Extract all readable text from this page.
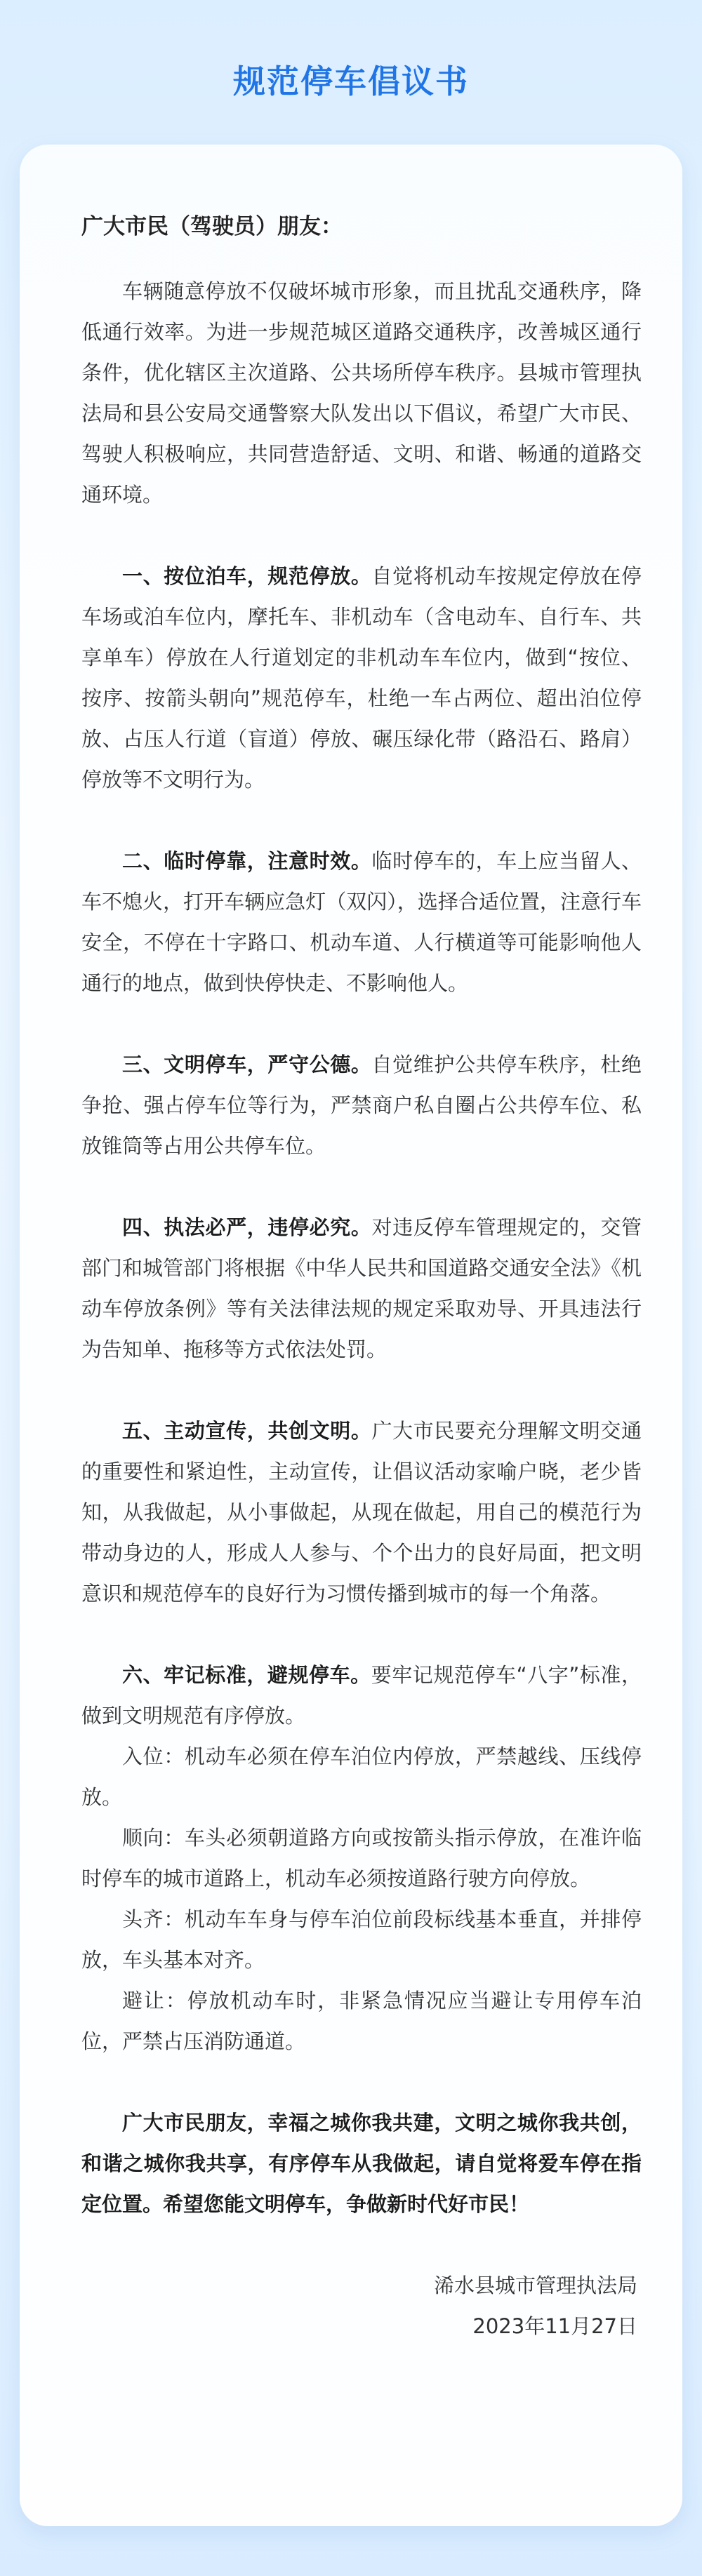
规范停车倡议书
广大市民（驾驶员）朋友：

车辆随意停放不仅破坏城市形象，而且扰乱交通秩序，降低通行效率。为进一步规范城区道路交通秩序，改善城区通行条件，优化辖区主次道路、公共场所停车秩序。县城市管理执法局和县公安局交通警察大队发出以下倡议，希望广大市民、驾驶人积极响应，共同营造舒适、文明、和谐、畅通的道路交通环境。

一、按位泊车，规范停放。自觉将机动车按规定停放在停车场或泊车位内，摩托车、非机动车（含电动车、自行车、共享单车）停放在人行道划定的非机动车车位内，做到“按位、按序、按箭头朝向”规范停车，杜绝一车占两位、超出泊位停放、占压人行道（盲道）停放、碾压绿化带（路沿石、路肩）停放等不文明行为。

二、临时停靠，注意时效。临时停车的，车上应当留人、车不熄火，打开车辆应急灯（双闪），选择合适位置，注意行车安全，不停在十字路口、机动车道、人行横道等可能影响他人通行的地点，做到快停快走、不影响他人。

三、文明停车，严守公德。自觉维护公共停车秩序，杜绝争抢、强占停车位等行为，严禁商户私自圈占公共停车位、私放锥筒等占用公共停车位。

四、执法必严，违停必究。对违反停车管理规定的，交管部门和城管部门将根据《中华人民共和国道路交通安全法》《机动车停放条例》等有关法律法规的规定采取劝导、开具违法行为告知单、拖移等方式依法处罚。

五、主动宣传，共创文明。广大市民要充分理解文明交通的重要性和紧迫性，主动宣传，让倡议活动家喻户晓，老少皆知，从我做起，从小事做起，从现在做起，用自己的模范行为带动身边的人，形成人人参与、个个出力的良好局面，把文明意识和规范停车的良好行为习惯传播到城市的每一个角落。

六、牢记标准，避规停车。要牢记规范停车“八字”标准，做到文明规范有序停放。

入位：机动车必须在停车泊位内停放，严禁越线、压线停放。

顺向：车头必须朝道路方向或按箭头指示停放，在准许临时停车的城市道路上，机动车必须按道路行驶方向停放。

头齐：机动车车身与停车泊位前段标线基本垂直，并排停放，车头基本对齐。

避让：停放机动车时，非紧急情况应当避让专用停车泊位，严禁占压消防通道。

广大市民朋友，幸福之城你我共建，文明之城你我共创，和谐之城你我共享，有序停车从我做起，请自觉将爱车停在指定位置。希望您能文明停车，争做新时代好市民！

浠水县城市管理执法局
2023年11月27日
